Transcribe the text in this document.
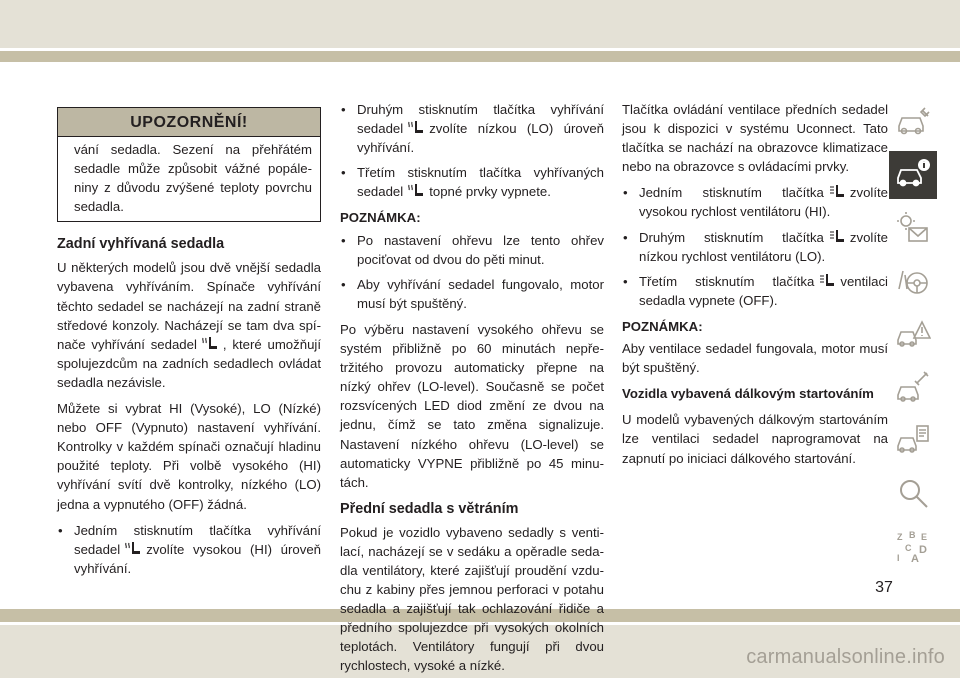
UPOZORNĚNÍ!
vání sedadla. Sezení na přehřátém sedadle může způsobit vážné popáleniny z důvodu zvýšené teploty povrchu sedadla.
Zadní vyhřívaná sedadla

U některých modelů jsou dvě vnější sedadla vybavena vyhříváním. Spínače vyhřívání těchto sedadel se nacházejí na zadní straně středové konzoly. Nacházejí se tam dva spínače vyhřívání sedadel , které umožňují spolujezdcům na zadních sedadlech ovládat sedadla nezávisle.

Můžete si vybrat HI (Vysoké), LO (Nízké) nebo OFF (Vypnuto) nastavení vyhřívání. Kontrolky v každém spínači označují hladinu použité teploty. Při volbě vysokého (HI) vyhřívání svítí dvě kontrolky, nízkého (LO) jedna a vypnutého (OFF) žádná.

• Jedním stisknutím tlačítka vyhřívání sedadel zvolíte vysokou (HI) úroveň vyhřívání.
• Druhým stisknutím tlačítka vyhřívání sedadel zvolíte nízkou (LO) úroveň vyhřívání.
• Třetím stisknutím tlačítka vyhřívaných sedadel topné prvky vypnete.

POZNÁMKA:

• Po nastavení ohřevu lze tento ohřev pociťovat od dvou do pěti minut.
• Aby vyhřívání sedadel fungovalo, motor musí být spuštěný.

Po výběru nastavení vysokého ohřevu se systém přibližně po 60 minutách nepřetržitého provozu automaticky přepne na nízký ohřev (LO-level). Současně se počet rozsvícených LED diod změní ze dvou na jednu, čímž se tato změna signalizuje. Nastavení nízkého ohřevu (LO-level) se automaticky VYPNE přibližně po 45 minutách.

Přední sedadla s větráním

Pokud je vozidlo vybaveno sedadly s ventilací, nacházejí se v sedáku a opěradle sedadla ventilátory, které zajišťují proudění vzduchu z kabiny přes jemnou perforaci v potahu sedadla a zajišťují tak ochlazování řidiče a předního spolujezdce při vysokých okolních teplotách. Ventilátory fungují při dvou rychlostech, vysoké a nízké.

Tlačítka ovládání ventilace předních sedadel jsou k dispozici v systému Uconnect. Tato tlačítka se nachází na obrazovce klimatizace nebo na obrazovce s ovládacími prvky.

• Jedním stisknutím tlačítka zvolíte vysokou rychlost ventilátoru (HI).
• Druhým stisknutím tlačítka zvolíte nízkou rychlost ventilátoru (LO).
• Třetím stisknutím tlačítka ventilaci sedadla vypnete (OFF).

POZNÁMKA:

Aby ventilace sedadel fungovala, motor musí být spuštěný.

Vozidla vybavená dálkovým startováním

U modelů vybavených dálkovým startováním lze ventilaci sedadel naprogramovat na zapnutí po iniciaci dálkového startování.

Z B E
C D
I A
37
carmanualsonline.info
